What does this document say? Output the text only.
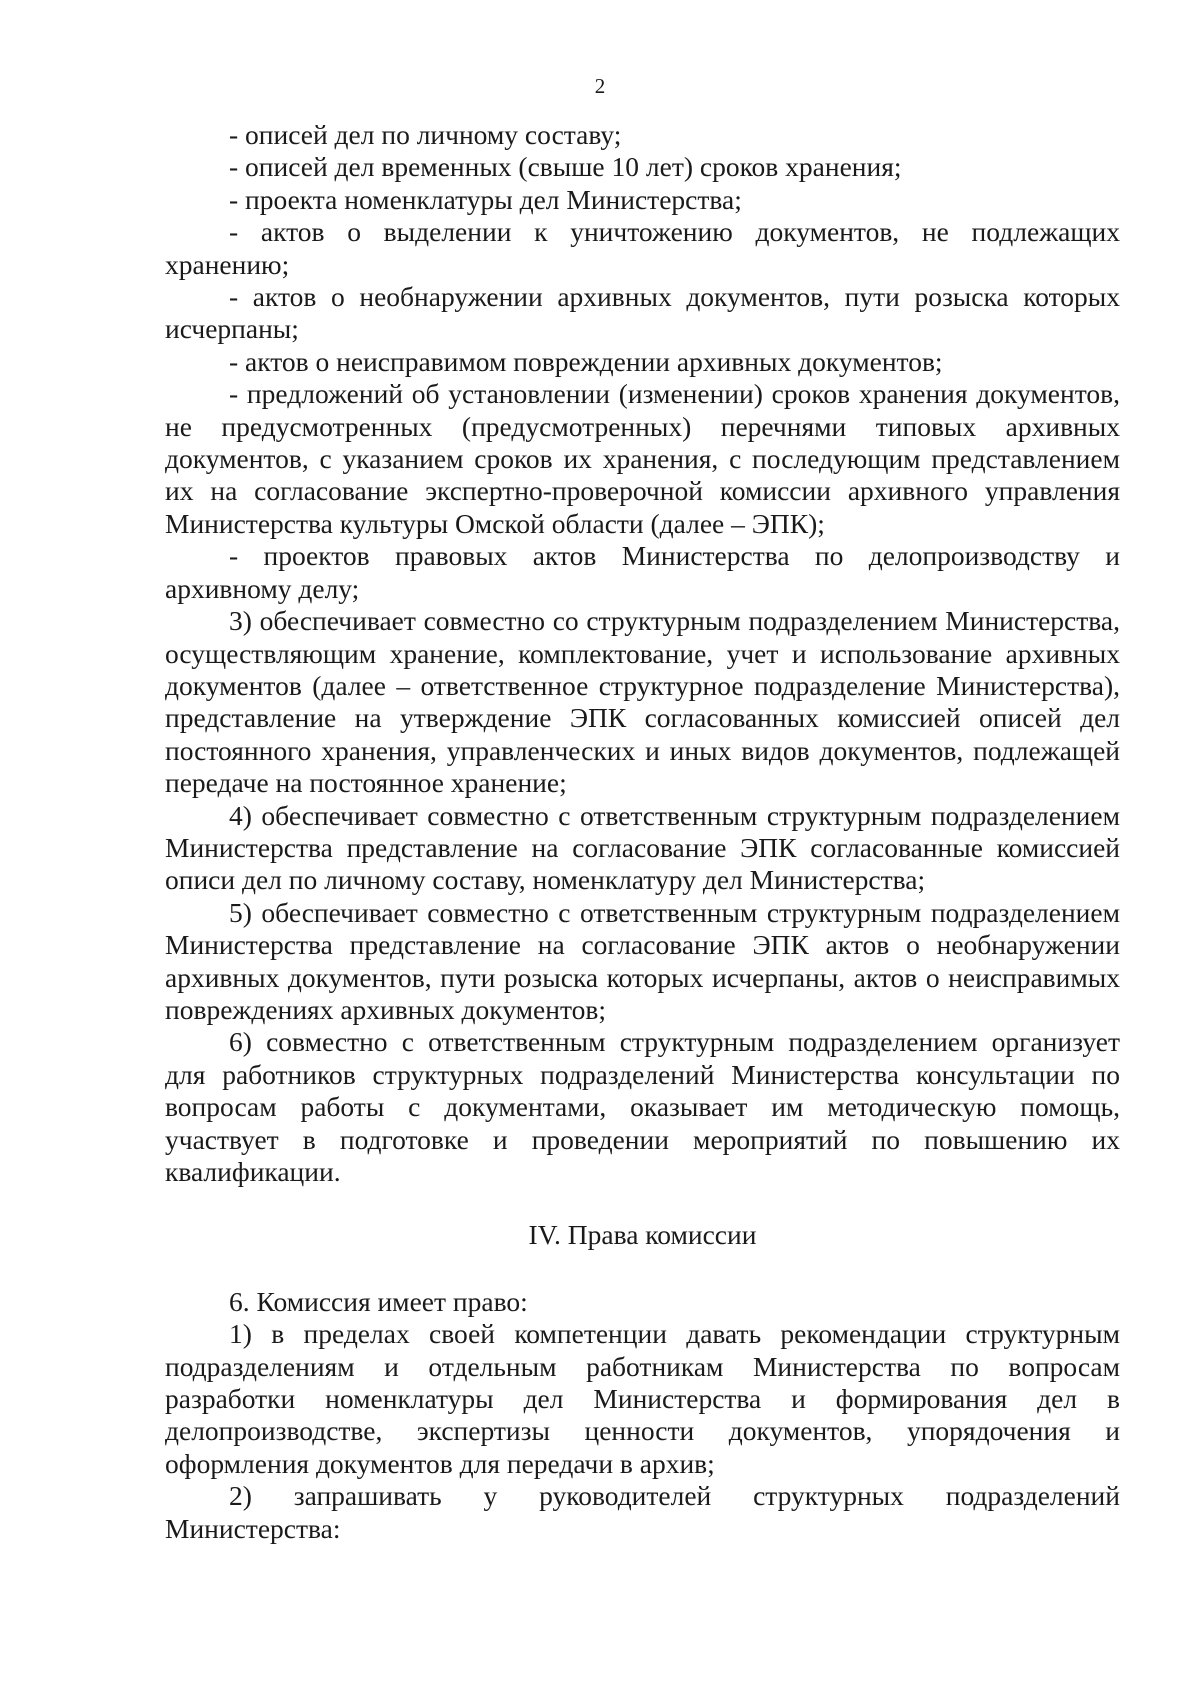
2

- описей дел по личному составу;

- описей дел временных (свыше 10 лет) сроков хранения;

- проекта номенклатуры дел Министерства;

- актов о выделении к уничтожению документов, не подлежащих хранению;

- актов о необнаружении архивных документов, пути розыска которых исчерпаны;

- актов о неисправимом повреждении архивных документов;

- предложений об установлении (изменении) сроков хранения документов, не предусмотренных (предусмотренных) перечнями типовых архивных документов, с указанием сроков их хранения, с последующим представлением их на согласование экспертно-проверочной комиссии архивного управления Министерства культуры Омской области (далее – ЭПК);

- проектов правовых актов Министерства по делопроизводству и архивному делу;

3) обеспечивает совместно со структурным подразделением Министерства, осуществляющим хранение, комплектование, учет и использование архивных документов (далее – ответственное структурное подразделение Министерства), представление на утверждение ЭПК согласованных комиссией описей дел постоянного хранения, управленческих и иных видов документов, подлежащей передаче на постоянное хранение;

4) обеспечивает совместно с ответственным структурным подразделением Министерства представление на согласование ЭПК согласованные комиссией описи дел по личному составу, номенклатуру дел Министерства;

5) обеспечивает совместно с ответственным структурным подразделением Министерства представление на согласование ЭПК актов о необнаружении архивных документов, пути розыска которых исчерпаны, актов о неисправимых повреждениях архивных документов;

6) совместно с ответственным структурным подразделением организует для работников структурных подразделений Министерства консультации по вопросам работы с документами, оказывает им методическую помощь, участвует в подготовке и проведении мероприятий по повышению их квалификации.

IV. Права комиссии

6. Комиссия имеет право:

1) в пределах своей компетенции давать рекомендации структурным подразделениям и отдельным работникам Министерства по вопросам разработки номенклатуры дел Министерства и формирования дел в делопроизводстве, экспертизы ценности документов, упорядочения и оформления документов для передачи в архив;

2) запрашивать у руководителей структурных подразделений Министерства:
